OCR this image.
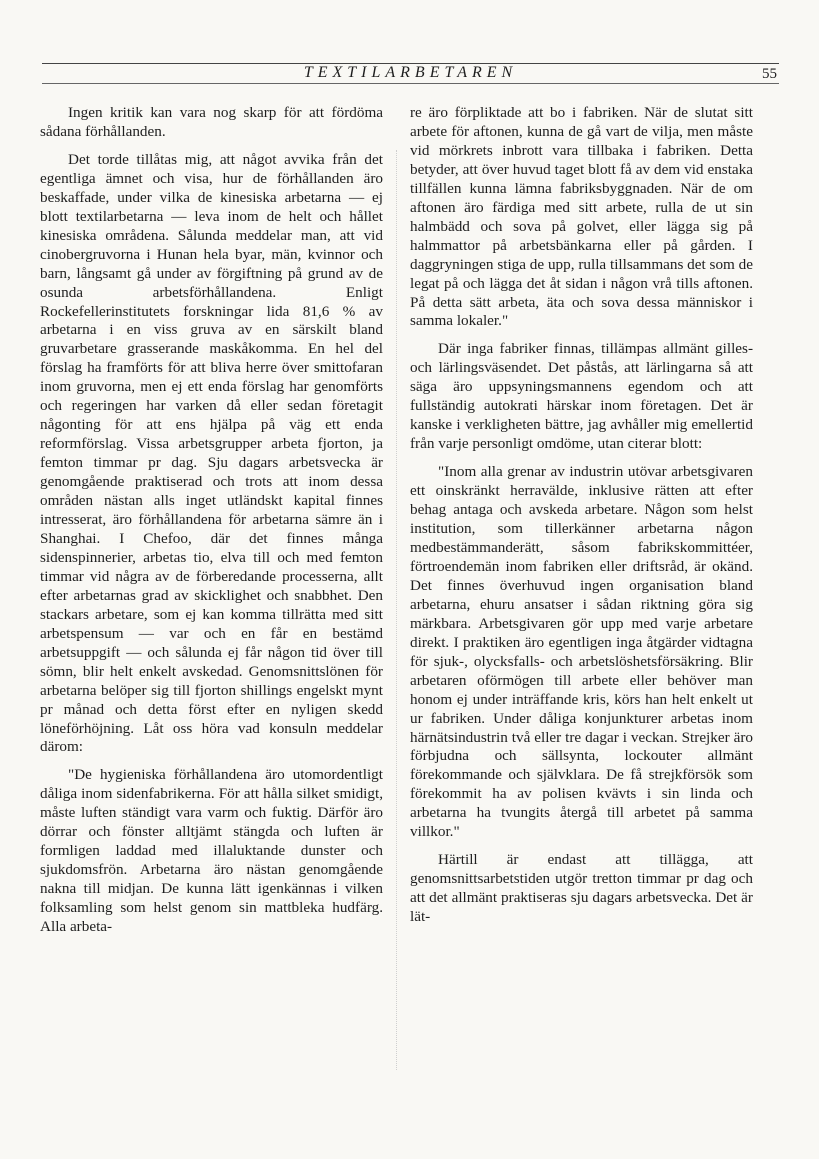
TEXTILARBETAREN	55

Ingen kritik kan vara nog skarp för att fördöma sådana förhållanden.

Det torde tillåtas mig, att något avvika från det egentliga ämnet och visa, hur de förhållanden äro beskaffade, under vilka de kinesiska arbetarna — ej blott textilarbetarna — leva inom de helt och hållet kinesiska områdena. Sålunda meddelar man, att vid cinobergruvorna i Hunan hela byar, män, kvinnor och barn, långsamt gå under av förgiftning på grund av de osunda arbetsförhållandena. Enligt Rockefellerinstitutets forskningar lida 81,6 % av arbetarna i en viss gruva av en särskilt bland gruvarbetare grasserande maskåkomma. En hel del förslag ha framförts för att bliva herre över smittofaran inom gruvorna, men ej ett enda förslag har genomförts och regeringen har varken då eller sedan företagit någonting för att ens hjälpa på väg ett enda reformförslag. Vissa arbetsgrupper arbeta fjorton, ja femton timmar pr dag. Sju dagars arbetsvecka är genomgående praktiserad och trots att inom dessa områden nästan alls inget utländskt kapital finnes intresserat, äro förhållandena för arbetarna sämre än i Shanghai. I Chefoo, där det finnes många sidenspinnerier, arbetas tio, elva till och med femton timmar vid några av de förberedande processerna, allt efter arbetarnas grad av skicklighet och snabbhet. Den stackars arbetare, som ej kan komma tillrätta med sitt arbetspensum — var och en får en bestämd arbetsuppgift — och sålunda ej får någon tid över till sömn, blir helt enkelt avskedad. Genomsnittslönen för arbetarna belöper sig till fjorton shillings engelskt mynt pr månad och detta först efter en nyligen skedd löneförhöjning. Låt oss höra vad konsuln meddelar därom:

"De hygieniska förhållandena äro utomordentligt dåliga inom sidenfabrikerna. För att hålla silket smidigt, måste luften ständigt vara varm och fuktig. Därför äro dörrar och fönster alltjämt stängda och luften är formligen laddad med illaluktande dunster och sjukdomsfrön. Arbetarna äro nästan genomgående nakna till midjan. De kunna lätt igenkännas i vilken folksamling som helst genom sin mattbleka hudfärg. Alla arbeta-

re äro förpliktade att bo i fabriken. När de slutat sitt arbete för aftonen, kunna de gå vart de vilja, men måste vid mörkrets inbrott vara tillbaka i fabriken. Detta betyder, att över huvud taget blott få av dem vid enstaka tillfällen kunna lämna fabriksbyggnaden. När de om aftonen äro färdiga med sitt arbete, rulla de ut sin halmbädd och sova på golvet, eller lägga sig på halmmattor på arbetsbänkarna eller på gården. I daggryningen stiga de upp, rulla tillsammans det som de legat på och lägga det åt sidan i någon vrå tills aftonen. På detta sätt arbeta, äta och sova dessa människor i samma lokaler."

Där inga fabriker finnas, tillämpas allmänt gilles- och lärlingsväsendet. Det påstås, att lärlingarna så att säga äro uppsyningsmannens egendom och att fullständig autokrati härskar inom företagen. Det är kanske i verkligheten bättre, jag avhåller mig emellertid från varje personligt omdöme, utan citerar blott:

"Inom alla grenar av industrin utövar arbetsgivaren ett oinskränkt herravälde, inklusive rätten att efter behag antaga och avskeda arbetare. Någon som helst institution, som tillerkänner arbetarna någon medbestämmanderätt, såsom fabrikskommittéer, förtroendemän inom fabriken eller driftsråd, är okänd. Det finnes överhuvud ingen organisation bland arbetarna, ehuru ansatser i sådan riktning göra sig märkbara. Arbetsgivaren gör upp med varje arbetare direkt. I praktiken äro egentligen inga åtgärder vidtagna för sjuk-, olycksfalls- och arbetslöshetsförsäkring. Blir arbetaren oförmögen till arbete eller behöver man honom ej under inträffande kris, körs han helt enkelt ut ur fabriken. Under dåliga konjunkturer arbetas inom härnätsindustrin två eller tre dagar i veckan. Strejker äro förbjudna och sällsynta, lockouter allmänt förekommande och självklara. De få strejkförsök som förekommit ha av polisen kvävts i sin linda och arbetarna ha tvungits återgå till arbetet på samma villkor."

Härtill är endast att tillägga, att genomsnittsarbetstiden utgör tretton timmar pr dag och att det allmänt praktiseras sju dagars arbetsvecka. Det är lät-
